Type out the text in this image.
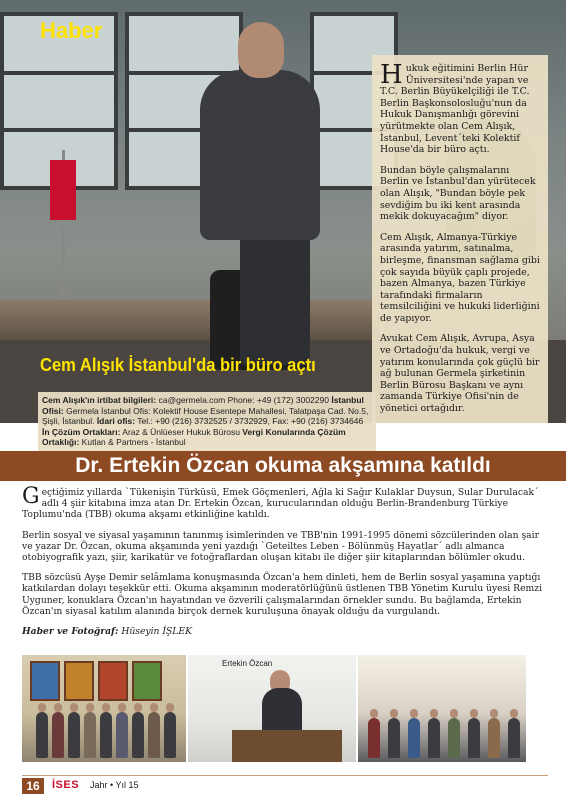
Haber

Hukuk eğitimini Berlin Hür Üniversitesi'nde yapan ve T.C. Berlin Büyükelçiliği ile T.C. Berlin Başkonsolosluğu'nun da Hukuk Danışmanlığı görevini yürütmekte olan Cem Alışık, İstanbul, Levent´teki Kolektif House'da bir büro açtı.

Bundan böyle çalışmalarını Berlin ve İstanbul'dan yürütecek olan Alışık, "Bundan böyle pek sevdiğim bu iki kent arasında mekik dokuyacağım" diyor.

Cem Alışık, Almanya-Türkiye arasında yatırım, satınalma, birleşme, finansman sağlama gibi çok sayıda büyük çaplı projede, bazen Almanya, bazen Türkiye tarafındaki firmaların temsilciliğini ve hukuki liderliğini de yapıyor.

Avukat Cem Alışık, Avrupa, Asya ve Ortadoğu'da hukuk, vergi ve yatırım konularında çok güçlü bir ağ bulunan Germela şirketinin Berlin Bürosu Başkanı ve aynı zamanda Türkiye Ofisi'nin de yönetici ortağıdır.

Cem Alışık İstanbul'da bir büro açtı
Cem Alışık'ın irtibat bilgileri: ca@germela.com Phone: +49 (172) 3002290 İstanbul Ofisi: Germela İstanbul Ofis: Kolektif House Esentepe Mahallesi, Talatpaşa Cad. No.5, Şişli, İstanbul. İdari ofis: Tel.: +90 (216) 3732525 / 3732929, Fax: +90 (216) 3734646 İn Çözüm Ortakları: Araz & Ünlüeser Hukuk Bürosu Vergi Konularında Çözüm Ortaklığı: Kutlan & Partners - İstanbul
Dr. Ertekin Özcan okuma akşamına katıldı

Geçtiğimiz yıllarda `Tükenişin Türküsü, Emek Göçmenleri, Ağla ki Sağır Kulaklar Duysun, Sular Durulacak´ adlı 4 şiir kitabına imza atan Dr. Ertekin Özcan, kurucularından olduğu Berlin-Brandenburg Türkiye Toplumu'nda (TBB) okuma akşamı etkinliğine katıldı.

Berlin sosyal ve siyasal yaşamının tanınmış isimlerinden ve TBB'nin 1991-1995 dönemi sözcülerinden olan şair ve yazar Dr. Özcan, okuma akşamında yeni yazdığı `Geteiltes Leben - Bölünmüş Hayatlar´ adlı almanca otobiyografik yazı, şiir, karikatür ve fotoğraflardan oluşan kitabı ile diğer şiir kitaplarından bölümler okudu.

TBB sözcüsü Ayşe Demir selâmlama konuşmasında Özcan'a hem dinleti, hem de Berlin sosyal yaşamına yaptığı katkılardan dolayı teşekkür etti. Okuma akşamının moderatörlüğünü üstlenen TBB Yönetim Kurulu üyesi Remzi Uyguner, konuklara Özcan'ın hayatından ve özverili çalışmalarından örnekler sundu. Bu bağlamda, Ertekin Özcan'ın siyasal katılım alanında birçok dernek kuruluşuna önayak olduğu da vurgulandı.

Haber ve Fotoğraf: Hüseyin İŞLEK

Ertekin Özcan
16	İSES Jahr • Yıl 15
